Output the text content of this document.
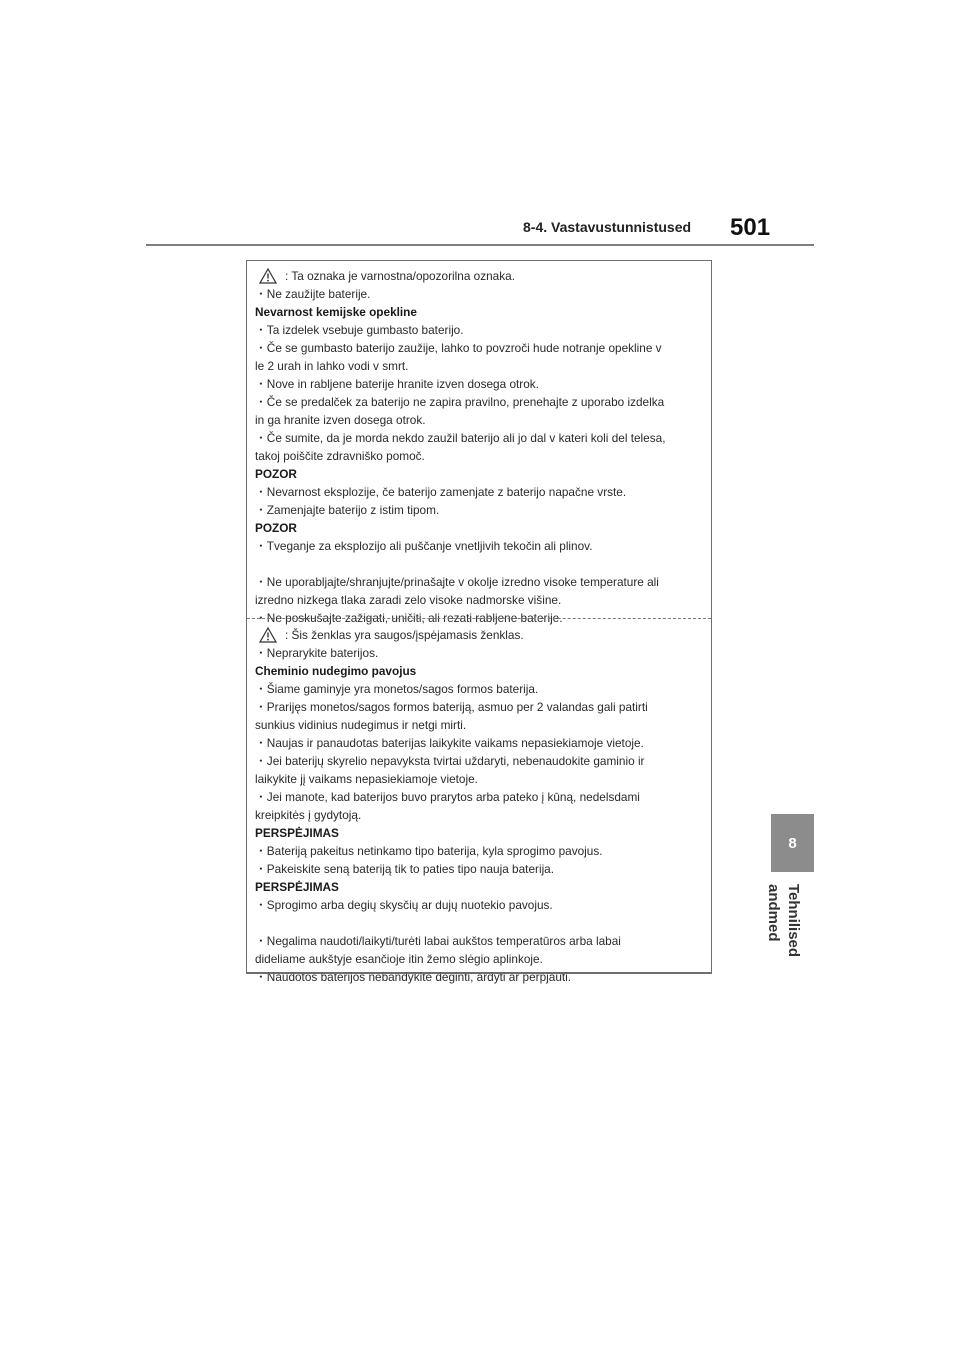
8-4. Vastavustunnistused 501
8
Tehnilised andmed
: Ta oznaka je varnostna/opozorilna oznaka.
・Ne zaužijte baterije.
Nevarnost kemijske opekline
・Ta izdelek vsebuje gumbasto baterijo.
・Če se gumbasto baterijo zaužije, lahko to povzroči hude notranje opekline v
le 2 urah in lahko vodi v smrt.
・Nove in rabljene baterije hranite izven dosega otrok.
・Če se predalček za baterijo ne zapira pravilno, prenehajte z uporabo izdelka
in ga hranite izven dosega otrok.
・Če sumite, da je morda nekdo zaužil baterijo ali jo dal v kateri koli del telesa,
takoj poiščite zdravniško pomoč.
POZOR
・Nevarnost eksplozije, če baterijo zamenjate z baterijo napačne vrste.
・Zamenjajte baterijo z istim tipom.
POZOR
・Tveganje za eksplozijo ali puščanje vnetljivih tekočin ali plinov.
・Ne uporabljajte/shranjujte/prinašajte v okolje izredno visoke temperature ali
izredno nizkega tlaka zaradi zelo visoke nadmorske višine.
・Ne poskušajte zažigati, uničiti, ali rezati rabljene baterije.
: Šis ženklas yra saugos/įspėjamasis ženklas.
・Neprarykite baterijos.
Cheminio nudegimo pavojus
・Šiame gaminyje yra monetos/sagos formos baterija.
・Prarijęs monetos/sagos formos bateriją, asmuo per 2 valandas gali patirti
sunkius vidinius nudegimus ir netgi mirti.
・Naujas ir panaudotas baterijas laikykite vaikams nepasiekiamoje vietoje.
・Jei baterijų skyrelio nepavyksta tvirtai uždaryti, nebenaudokite gaminio ir
laikykite jį vaikams nepasiekiamoje vietoje.
・Jei manote, kad baterijos buvo prarytos arba pateko į kūną, nedelsdami
kreipkitės į gydytoją.
PERSPĖJIMAS
・Bateriją pakeitus netinkamo tipo baterija, kyla sprogimo pavojus.
・Pakeiskite seną bateriją tik to paties tipo nauja baterija.
PERSPĖJIMAS
・Sprogimo arba degių skysčių ar dujų nuotekio pavojus.
・Negalima naudoti/laikyti/turėti labai aukštos temperatūros arba labai
dideliame aukštyje esančioje itin žemo slėgio aplinkoje.
・Naudotos baterijos nebandykite deginti, ardyti ar perpjauti.
